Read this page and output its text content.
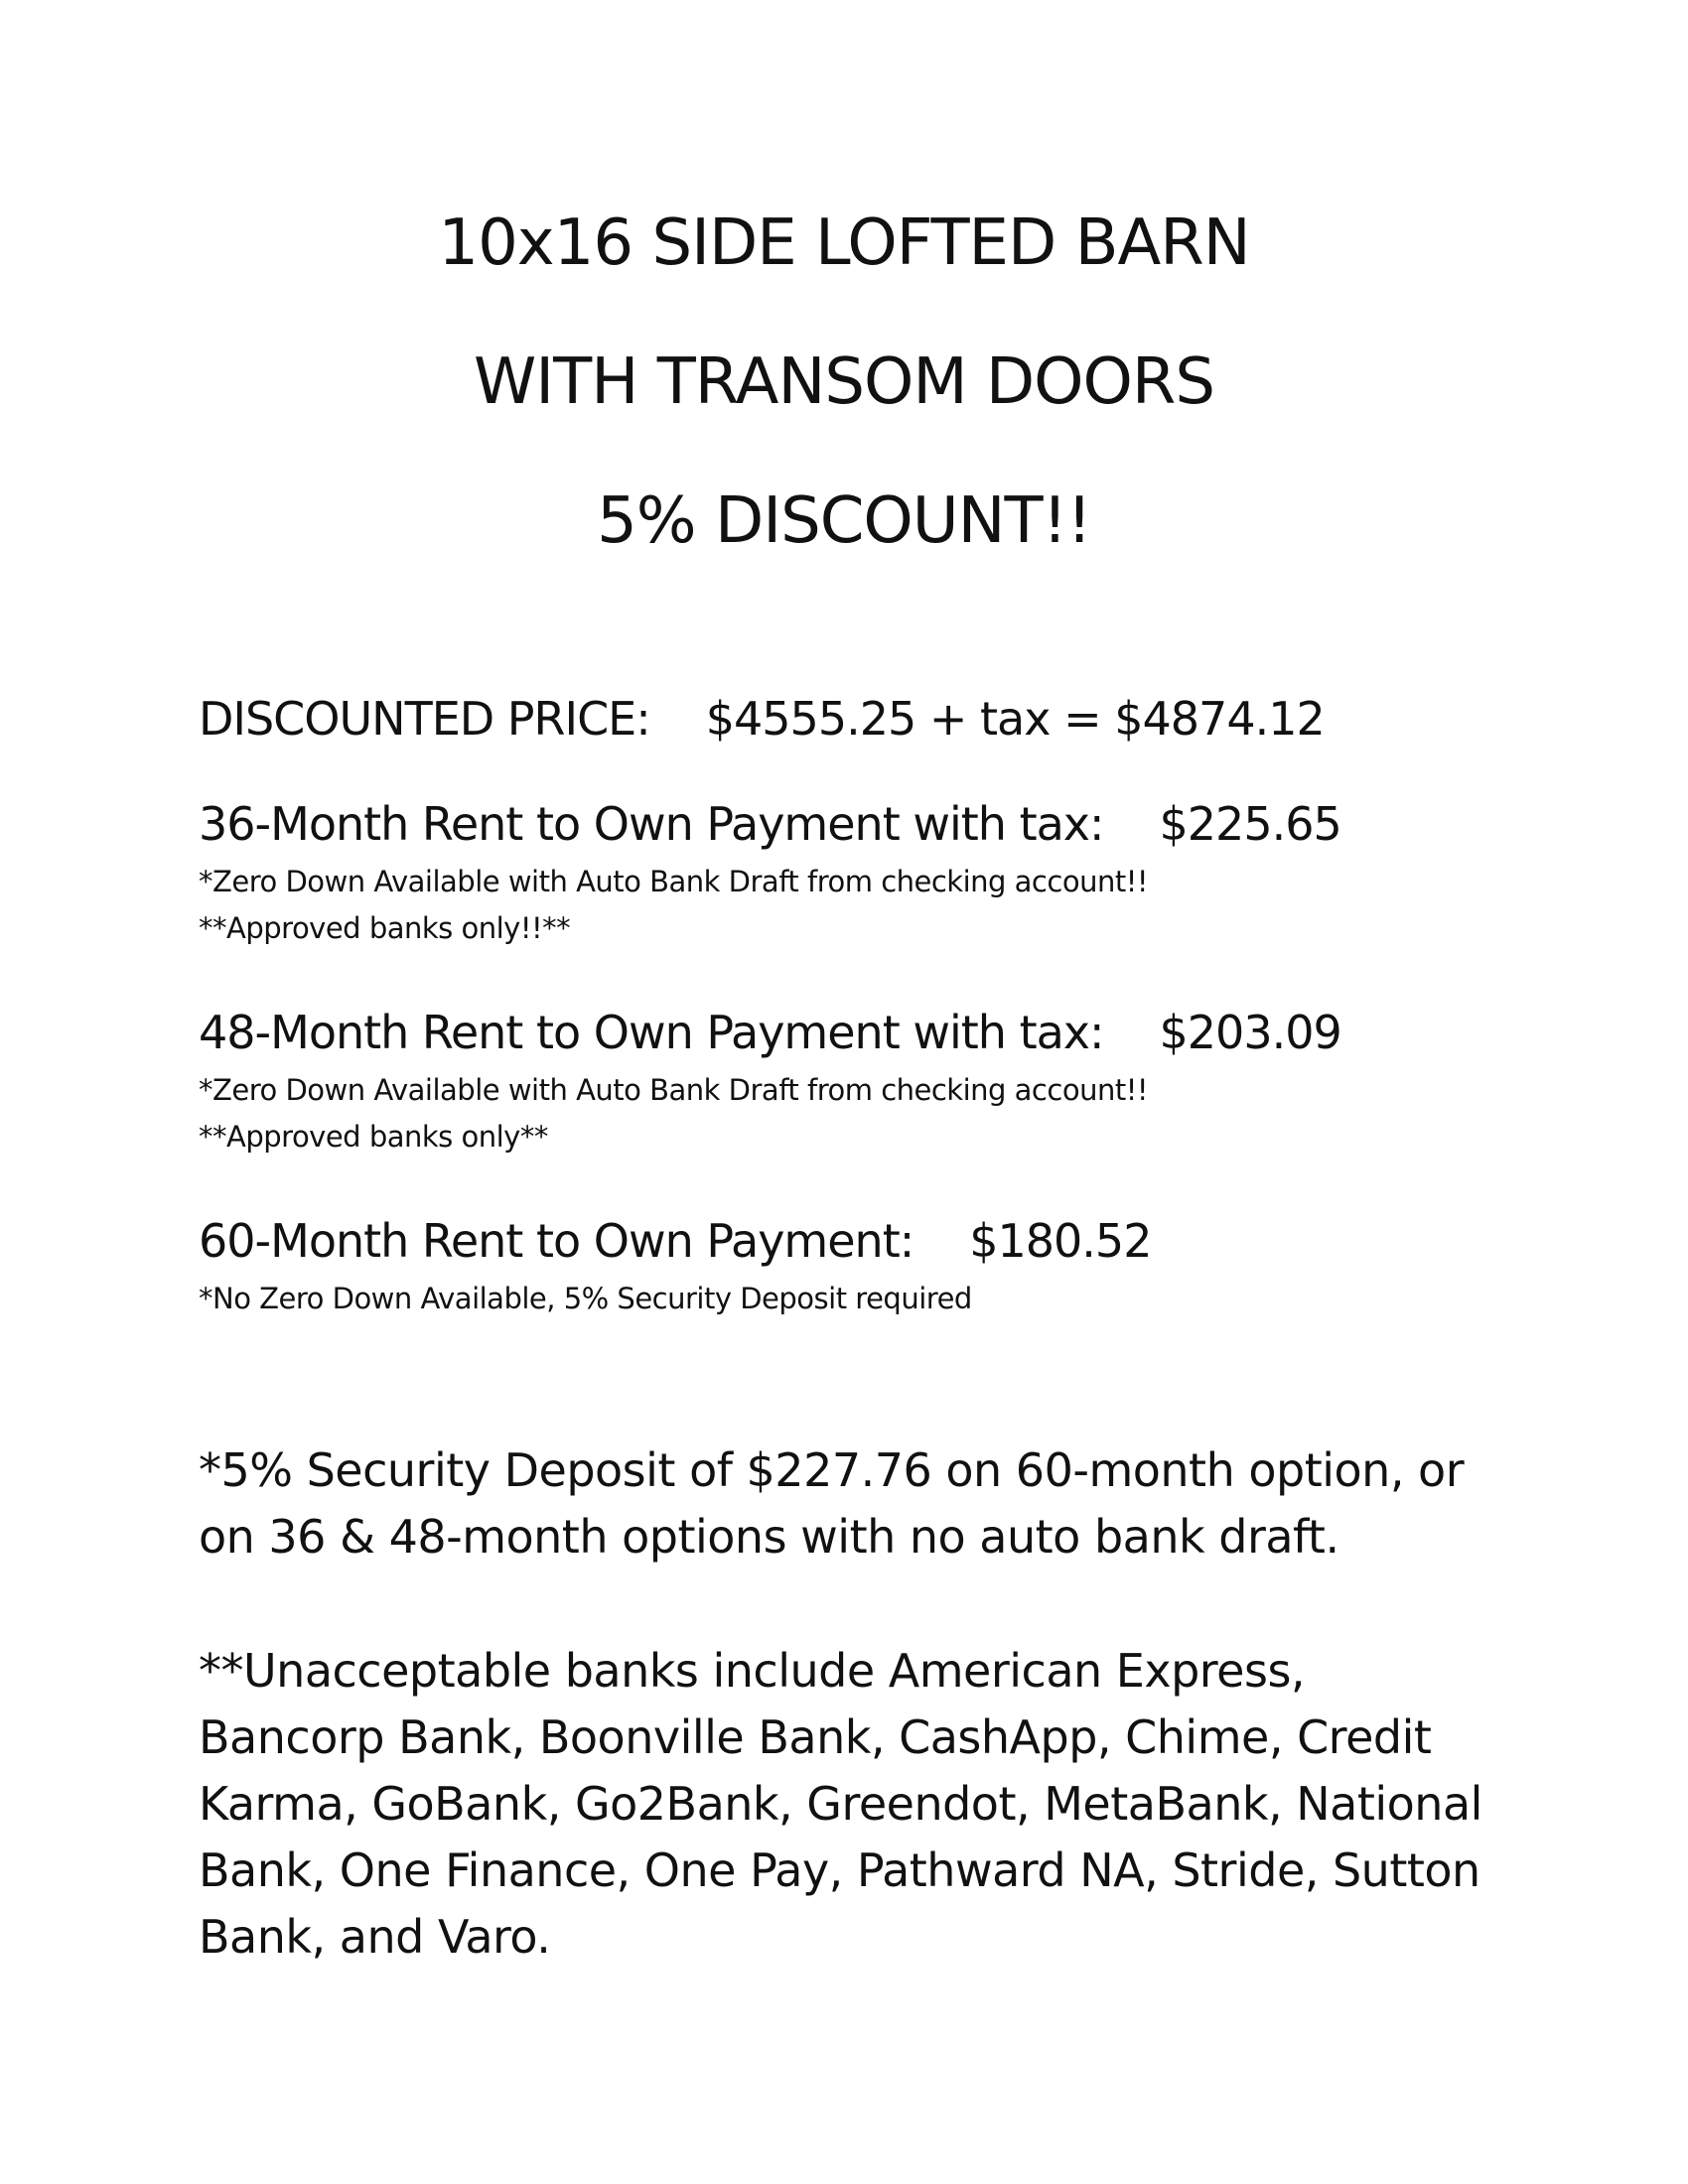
10x16 SIDE LOFTED BARN
WITH TRANSOM DOORS
5% DISCOUNT!!
DISCOUNTED PRICE: $4555.25 + tax = $4874.12
36-Month Rent to Own Payment with tax: $225.65
*Zero Down Available with Auto Bank Draft from checking account!!
**Approved banks only!!**
48-Month Rent to Own Payment with tax: $203.09
*Zero Down Available with Auto Bank Draft from checking account!!
**Approved banks only**
60-Month Rent to Own Payment: $180.52
*No Zero Down Available, 5% Security Deposit required
*5% Security Deposit of $227.76 on 60-month option, or
on 36 & 48-month options with no auto bank draft.
**Unacceptable banks include American Express,
Bancorp Bank, Boonville Bank, CashApp, Chime, Credit
Karma, GoBank, Go2Bank, Greendot, MetaBank, National
Bank, One Finance, One Pay, Pathward NA, Stride, Sutton
Bank, and Varo.
